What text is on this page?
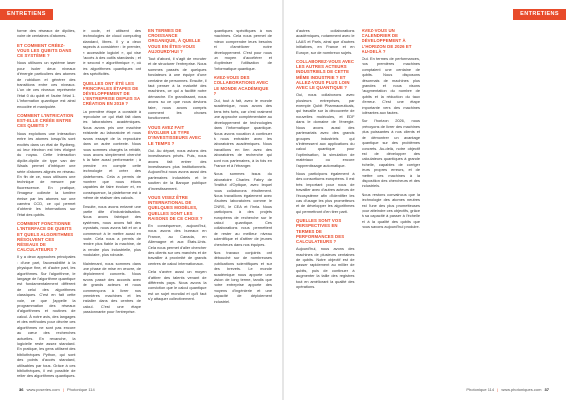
ENTRETIENS	ENTRETIENS

forme des réseaux de dipôles, voire de centaines d'atomes.

ET COMMENT CRÉEZ-VOUS LES QUBITS DANS CE SYSTÈME ?

Nous utilisons un système laser pour isoler deux niveaux d'énergie particuliers des atomes de rubidium et générer des transitions entre ces niveaux. L'un de ces niveaux représente l'état 0 du qubit et l'autre l'état 1. L'information quantique est ainsi encodée et manipulée.

COMMENT L'INTRICATION EST-ELLE CRÉÉE ENTRE CES QUBITS ?

Nous exploitons une interaction entre les atomes lorsqu'ils sont excités dans un état de Rydberg, où leur électron est très éloigné du noyau. Cette interaction dipôle-dipôle de type van der Waals permet d'intriquer une série d'atomes alignés en réseau. En fin de ce, nous utilisons une technique de mesure par fluorescence. En pratique, l'imageur collecte la lumière émise par les atomes sur une caméra CCD, ce qui permet d'obtenir les informations sur l'état des qubits.

COMMENT FONCTIONNE L'INTERFACE DE QUBITS ET QUELS ALGORITHMES RÉSOLVENT CES RÉSEAUX DE CALCULATEURS ?

Il y a deux approches principales : d'une part, l'accessibilité à la physique fine, et d'autre part, les algorithmes. Sur l'algorithme, le langage de l'algorithme quantique est fondamentalement différent de celui des algorithmes classiques. C'est en fait cette voie, ce que j'appelle la programmation des réseaux d'algorithmes et routines de calcul. À notre avis, des langages et des méthodes pour décrire ces algorithmes ne sont pas encore au cœur des recherches actuelles. En revanche, la logicielle reste assez standard. En pratique, les gens utilisent des bibliothèques Python, qui sont des points d'accès standard, utilisables par tous. Grâce à ces bibliothèques, il est possible de relier des algorithmes quantiques.

le code, et utilisent des technologies de cloud computing standard, libres. Il y a deux aspects à considérer : le premier, « accessible logiciel », qui vise l'accès à des outils standards ; et le second « algorithmique », où les algorithmes quantiques ont des spécificités.

QUELLES ONT ÉTÉ LES PRINCIPALES ÉTAPES DE DÉVELOPPEMENT DE L'ENTREPRISE DEPUIS SA CRÉATION EN 2019 ?

La première étape a consisté à reproduire ce qui était fait dans les laboratoires académiques. Nous avons pris une machine existante au laboratoire et nous avons essayé de la reproduire dans un autre contexte. Nous nous sommes chargés la rebâtir, nous avons simplement cherché à la faire aussi performante ; à prendre en compte cette technologie et créer des plateformes. Cela a permis de montrer que nous étions capables de faire évoluer et, en conséquence, la plateforme est à même de réaliser des calculs.

Ensuite, nous avons entamé une partie dite d'industrialisation. Nous avons fabriqué des systèmes, nous avons fait des cryostats, nous avons fait et on a commencé à le mettre aussi en route. Cela nous a permis de rendre plus fiable la machine, de la rendre plus industrielle, plus modulaire, plus robuste.

Maintenant, nous sommes dans une phase de mise en œuvre, de déploiement concrets. Nous avons passé des accords avec de grands acteurs et nous commençons à livrer nos premières machines et les installer dans des centres de calcul. C'est une étape passionnante pour l'entreprise.

EN TERMES DE CROISSANCE ORGANIQUE, À QUELLE VOUS EN ÊTES-VOUS AUJOURD'HUI ?

Tout d'abord, il s'agit de recruter et de structurer l'entreprise. Nous sommes passés de quelques fondateurs à une équipe d'une centaine de personnes. Ensuite, il faut penser à la maturité des machines, ce qui a facilité notre démarche. En grandissant, nous avons su ce que nous devions faire, nous avons compris comment les choses fonctionnent.

VOUS AVEZ FAIT ÉVOLUER LE TYPE D'INVESTISSEURS AVEC LE TEMPS ?

Oui. Au départ, nous avions des investisseurs privés. Puis, nous avons fait entrer des investisseurs plus institutionnels. Aujourd'hui nous avons aussi des partenaires industriels et le soutien de la Banque publique d'investissement.

VOUS VISEZ ÊTRE INTERNATIONAL DE QUELQUES MODÈLES, QUELLES SONT LES RAISONS DE CE CHOIX ?

En conséquence, aujourd'hui, nous avons des bureaux en France, au Canada, en Allemagne et aux États-Unis. Cela nous permet d'aller chercher des clients sur ces marchés et de travailler à proximité de grands centres de calcul internationaux.

Cela s'avère aussi un moyen d'attirer des talents venant de différents pays. Nous avons la conviction que le calcul quantique est un sujet mondial et qu'il faut s'y attaquer collectivement.

quantiques spécifiques à nos machines. Cela nous permet de mieux comprendre leurs besoins et d'améliorer notre développement. C'est pour nous un moyen d'accélérer et d'optimiser l'utilisation de l'informatique quantique.

AVEZ-VOUS DES COLLABORATIONS AVEC LE MONDE ACADÉMIQUE ?

Oui, tout à fait, avec le monde académique, nous avons des liens très forts, car c'est vraiment une approche complémentaire au développement de technologies dans l'informatique quantique. Nous avons vocation à continuer à nous entraider avec les laboratoires académiques. Nous travaillons en lien avec des laboratoires de recherche qui sont nos partenaires, à la fois en France et à l'étranger.

Nous sommes issus du laboratoire Charles Fabry de l'Institut d'Optique, avec lequel nous collaborons étroitement. Nous travaillons également avec d'autres laboratoires comme le CNRS, le CEA et l'Inria. Nous participons à des projets européens de recherche sur le calcul quantique. Ces collaborations nous permettent de rester au meilleur niveau scientifique et d'attirer de jeunes chercheurs dans nos équipes.

Nos travaux conjoints ont débouché sur de nombreuses publications scientifiques et sur des brevets. Le monde académique nous apporte une vision de long terme, tandis que notre entreprise apporte des moyens d'ingénierie et une capacité de déploiement industriel.

d'autres collaborations académiques, notamment avec le LAAS et Paris, ainsi que d'autres initiatives, en France et en Europe, sur de nombreux sujets.

COLLABOREZ-VOUS AVEC LES AUTRES ACTEURS INDUSTRIELS DE CETTE MÊME INDUSTRIE ? ET ALLEZ-VOUS PLUS LOIN AVEC LE QUANTIQUE ?

Oui, nous collaborons avec plusieurs entreprises, par exemple Qubit Pharmaceuticals, qui travaille sur la découverte de nouvelles molécules, et EDF dans le domaine de l'énergie. Nous avons aussi des partenariats avec des grands groupes industriels qui s'intéressent aux applications du calcul quantique pour l'optimisation, la simulation de matériaux ou encore l'apprentissage automatique.

Nous participons également à des consortiums européens. Il est très important pour nous de travailler avec d'autres acteurs de l'écosystème afin d'identifier les cas d'usage les plus prometteurs et de développer les algorithmes qui permettront d'en tirer parti.

QUELLES SONT VOS PERSPECTIVES EN TERMES DE PERFORMANCES DES CALCULATEURS ?

Aujourd'hui, nous avons des machines de plusieurs centaines de qubits. Notre objectif est de passer rapidement au millier de qubits, puis de continuer à augmenter la taille des registres tout en améliorant la qualité des opérations.

AVEZ-VOUS UN CALENDRIER DE DÉVELOPPEMENT À L'HORIZON DE 2026 ET AU-DELÀ ?

Oui. En termes de performances, nos premières machines comptaient une centaine de qubits. Nous disposons désormais de machines plus grandes et nous visons l'augmentation du nombre de qubits et la réduction du taux d'erreur. C'est une étape importante vers des machines tolérantes aux fautes.

Sur l'horizon 2026, nous prévoyons de livrer des machines plus puissantes à nos clients et de démontrer un avantage quantique sur des problèmes concrets. Au-delà, notre objectif est de développer des calculateurs quantiques à grande échelle, capables de corriger leurs propres erreurs, et de mettre ces machines à la disposition des chercheurs et des industriels.

Nous restons convaincus que la technologie des atomes neutres est l'une des plus prometteuses pour atteindre ces objectifs, grâce à sa capacité à passer à l'échelle et à la qualité des qubits que nous savons aujourd'hui produire.

36 www.pcseries.com | Photonique 114	Photonique 114 | www.photoniques.com 37
